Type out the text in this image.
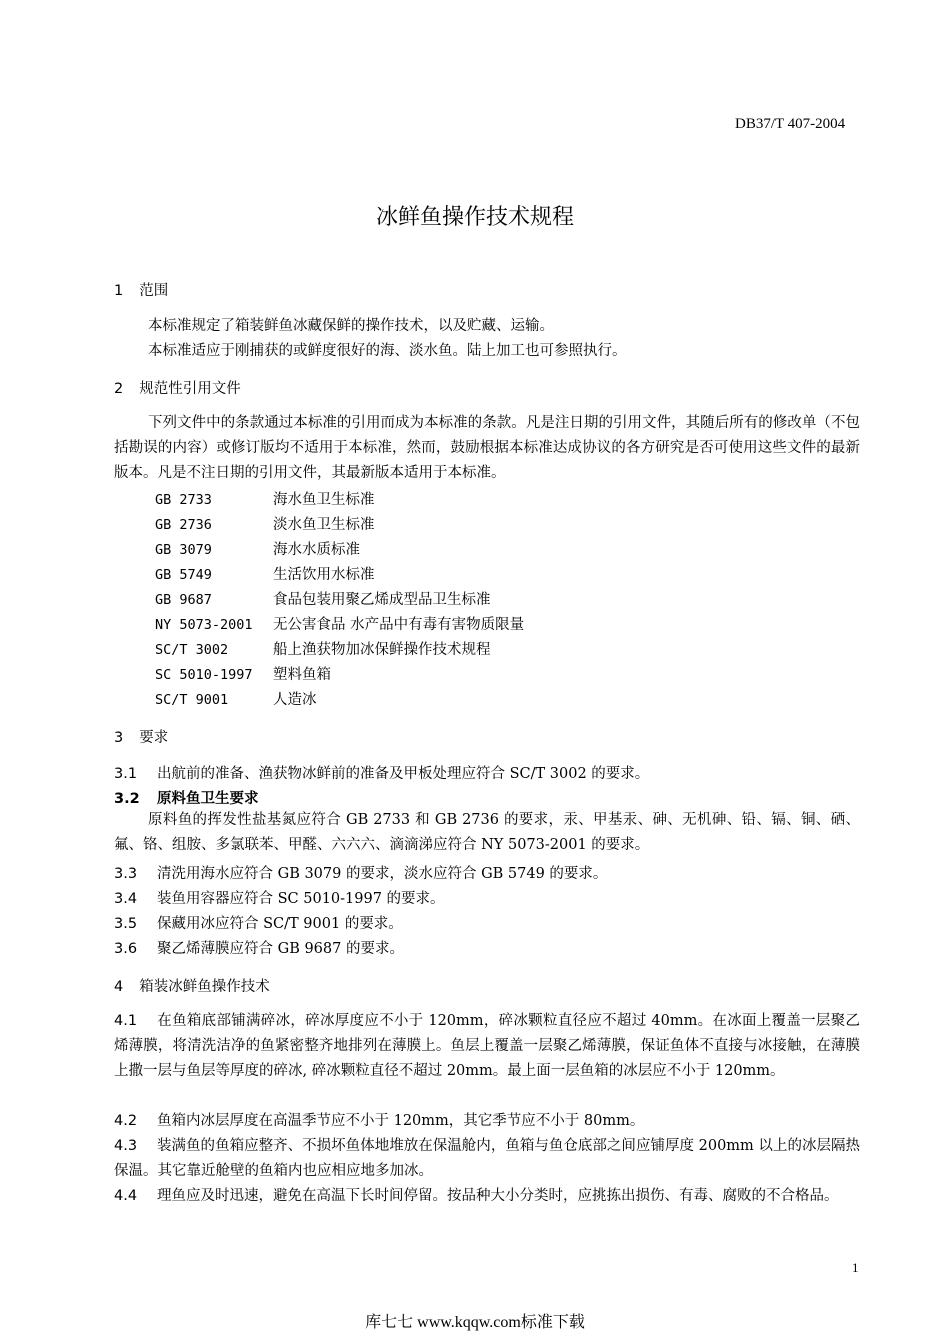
DB37/T 407-2004
冰鲜鱼操作技术规程
1 范围
本标准规定了箱装鲜鱼冰藏保鲜的操作技术，以及贮藏、运输。
本标准适应于刚捕获的或鲜度很好的海、淡水鱼。陆上加工也可参照执行。
2 规范性引用文件
下列文件中的条款通过本标准的引用而成为本标准的条款。凡是注日期的引用文件，其随后所有的修改单（不包括勘误的内容）或修订版均不适用于本标准，然而，鼓励根据本标准达成协议的各方研究是否可使用这些文件的最新版本。凡是不注日期的引用文件，其最新版本适用于本标准。
GB 2733	海水鱼卫生标准
GB 2736	淡水鱼卫生标准
GB 3079	海水水质标准
GB 5749	生活饮用水标准
GB 9687	食品包装用聚乙烯成型品卫生标准
NY 5073-2001 无公害食品 水产品中有毒有害物质限量
SC/T 3002	船上渔获物加冰保鲜操作技术规程
SC 5010-1997 塑料鱼箱
SC/T 9001	人造冰
3 要求
3.1 出航前的准备、渔获物冰鲜前的准备及甲板处理应符合 SC/T 3002 的要求。
3.2 原料鱼卫生要求
原料鱼的挥发性盐基氮应符合 GB 2733 和 GB 2736 的要求，汞、甲基汞、砷、无机砷、铅、镉、铜、硒、氟、铬、组胺、多氯联苯、甲醛、六六六、滴滴涕应符合 NY 5073-2001 的要求。
3.3 清洗用海水应符合 GB 3079 的要求，淡水应符合 GB 5749 的要求。
3.4 装鱼用容器应符合 SC 5010-1997 的要求。
3.5 保藏用冰应符合 SC/T 9001 的要求。
3.6 聚乙烯薄膜应符合 GB 9687 的要求。
4 箱装冰鲜鱼操作技术
4.1 在鱼箱底部铺满碎冰，碎冰厚度应不小于 120mm，碎冰颗粒直径应不超过 40mm。在冰面上覆盖一层聚乙烯薄膜，将清洗洁净的鱼紧密整齐地排列在薄膜上。鱼层上覆盖一层聚乙烯薄膜，保证鱼体不直接与冰接触，在薄膜上撒一层与鱼层等厚度的碎冰, 碎冰颗粒直径不超过 20mm。最上面一层鱼箱的冰层应不小于 120mm。
4.2 鱼箱内冰层厚度在高温季节应不小于 120mm，其它季节应不小于 80mm。
4.3 装满鱼的鱼箱应整齐、不损坏鱼体地堆放在保温舱内，鱼箱与鱼仓底部之间应铺厚度 200mm 以上的冰层隔热保温。其它靠近舱壁的鱼箱内也应相应地多加冰。
4.4 理鱼应及时迅速，避免在高温下长时间停留。按品种大小分类时，应挑拣出损伤、有毒、腐败的不合格品。
1
库七七 www.kqqw.com标准下载
